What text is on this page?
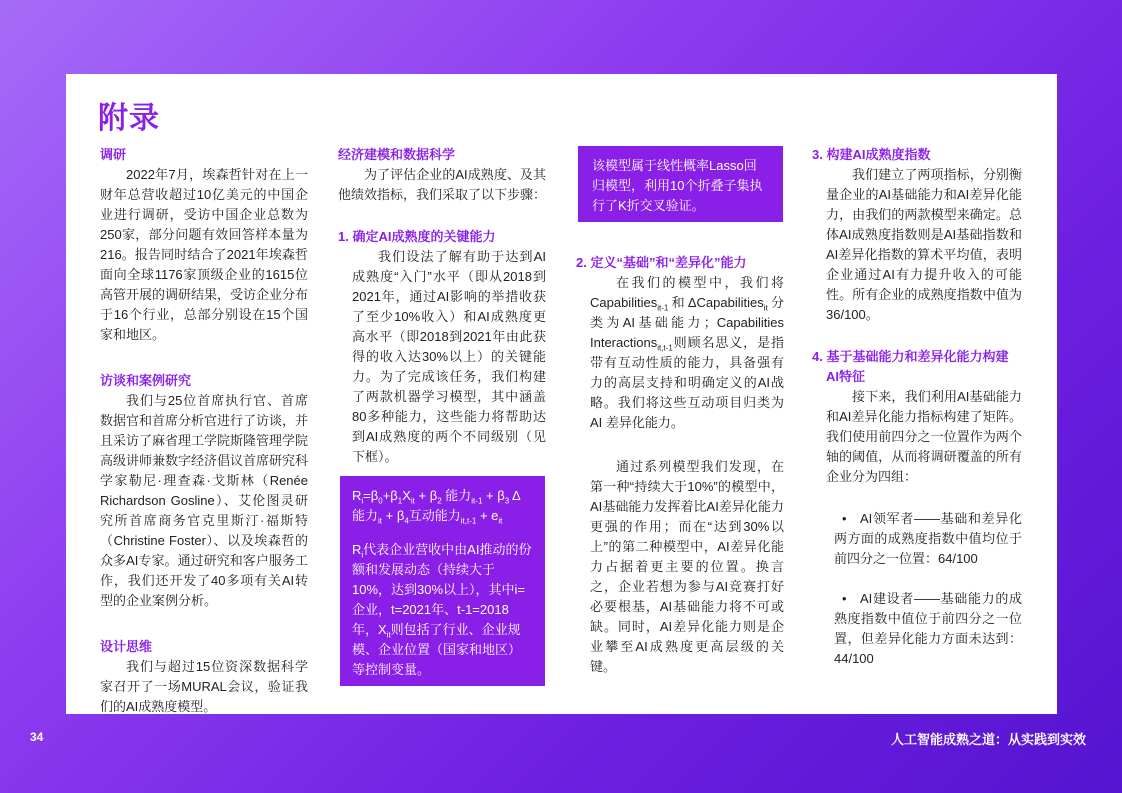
附录
调研

2022年7月，埃森哲针对在上一财年总营收超过10亿美元的中国企业进行调研，受访中国企业总数为250家，部分问题有效回答样本量为216。报告同时结合了2021年埃森哲面向全球1176家顶级企业的1615位高管开展的调研结果，受访企业分布于16个行业，总部分别设在15个国家和地区。

访谈和案例研究

我们与25位首席执行官、首席数据官和首席分析官进行了访谈，并且采访了麻省理工学院斯隆管理学院高级讲师兼数字经济倡议首席研究科学家勒尼·理查森·戈斯林（Renée Richardson Gosline）、艾伦图灵研究所首席商务官克里斯汀·福斯特（Christine Foster）、以及埃森哲的众多AI专家。通过研究和客户服务工作，我们还开发了40多项有关AI转型的企业案例分析。

设计思维

我们与超过15位资深数据科学家召开了一场MURAL会议，验证我们的AI成熟度模型。

经济建模和数据科学

为了评估企业的AI成熟度、及其他绩效指标，我们采取了以下步骤：

1. 确定AI成熟度的关键能力

我们设法了解有助于达到AI成熟度“入门”水平（即从2018到2021年，通过AI影响的举措收获了至少10%收入）和AI成熟度更高水平（即2018到2021年由此获得的收入达30%以上）的关键能力。为了完成该任务，我们构建了两款机器学习模型，其中涵盖80多种能力，这些能力将帮助达到AI成熟度的两个不同级别（见下框）。

$R_i=\beta_0+\beta_1X_{it} + \beta_2$ 能力$_{it-1} + \beta_3$ Δ 能力$_{it} + \beta_4$互动能力$_{it,t-1} + e_{it}$

$R_i$代表企业营收中由AI推动的份额和发展动态（持续大于10%，达到30%以上），其中i=企业，t=2021年、t-1=2018年，$X_{it}$则包括了行业、企业规模、企业位置（国家和地区）等控制变量。

该模型属于线性概率Lasso回归模型，利用10个折叠子集执行了K折交叉验证。

2. 定义“基础”和“差异化”能力

在我们的模型中，我们将Capabilities$_{it-1}$和ΔCapabilities$_{it}$分类为AI基础能力；Capabilities Interactions$_{it,t-1}$则顾名思义，是指带有互动性质的能力，具备强有力的高层支持和明确定义的AI战略。我们将这些互动项目归类为AI 差异化能力。

通过系列模型我们发现，在第一种“持续大于10%”的模型中，AI基础能力发挥着比AI差异化能力更强的作用；而在“达到30%以上”的第二种模型中，AI差异化能力占据着更主要的位置。换言之，企业若想为参与AI竞赛打好必要根基，AI基础能力将不可或缺。同时，AI差异化能力则是企业攀至AI成熟度更高层级的关键。

3. 构建AI成熟度指数

我们建立了两项指标，分别衡量企业的AI基础能力和AI差异化能力，由我们的两款模型来确定。总体AI成熟度指数则是AI基础指数和AI差异化指数的算术平均值，表明企业通过AI有力提升收入的可能性。所有企业的成熟度指数中值为36/100。

4. 基于基础能力和差异化能力构建
AI特征

接下来，我们利用AI基础能力和AI差异化能力指标构建了矩阵。我们使用前四分之一位置作为两个轴的阈值，从而将调研覆盖的所有企业分为四组：

• AI领军者——基础和差异化两方面的成熟度指数中值均位于前四分之一位置：64/100

• AI建设者——基础能力的成熟度指数中值位于前四分之一位置，但差异化能力方面未达到：44/100

34	人工智能成熟之道：从实践到实效
